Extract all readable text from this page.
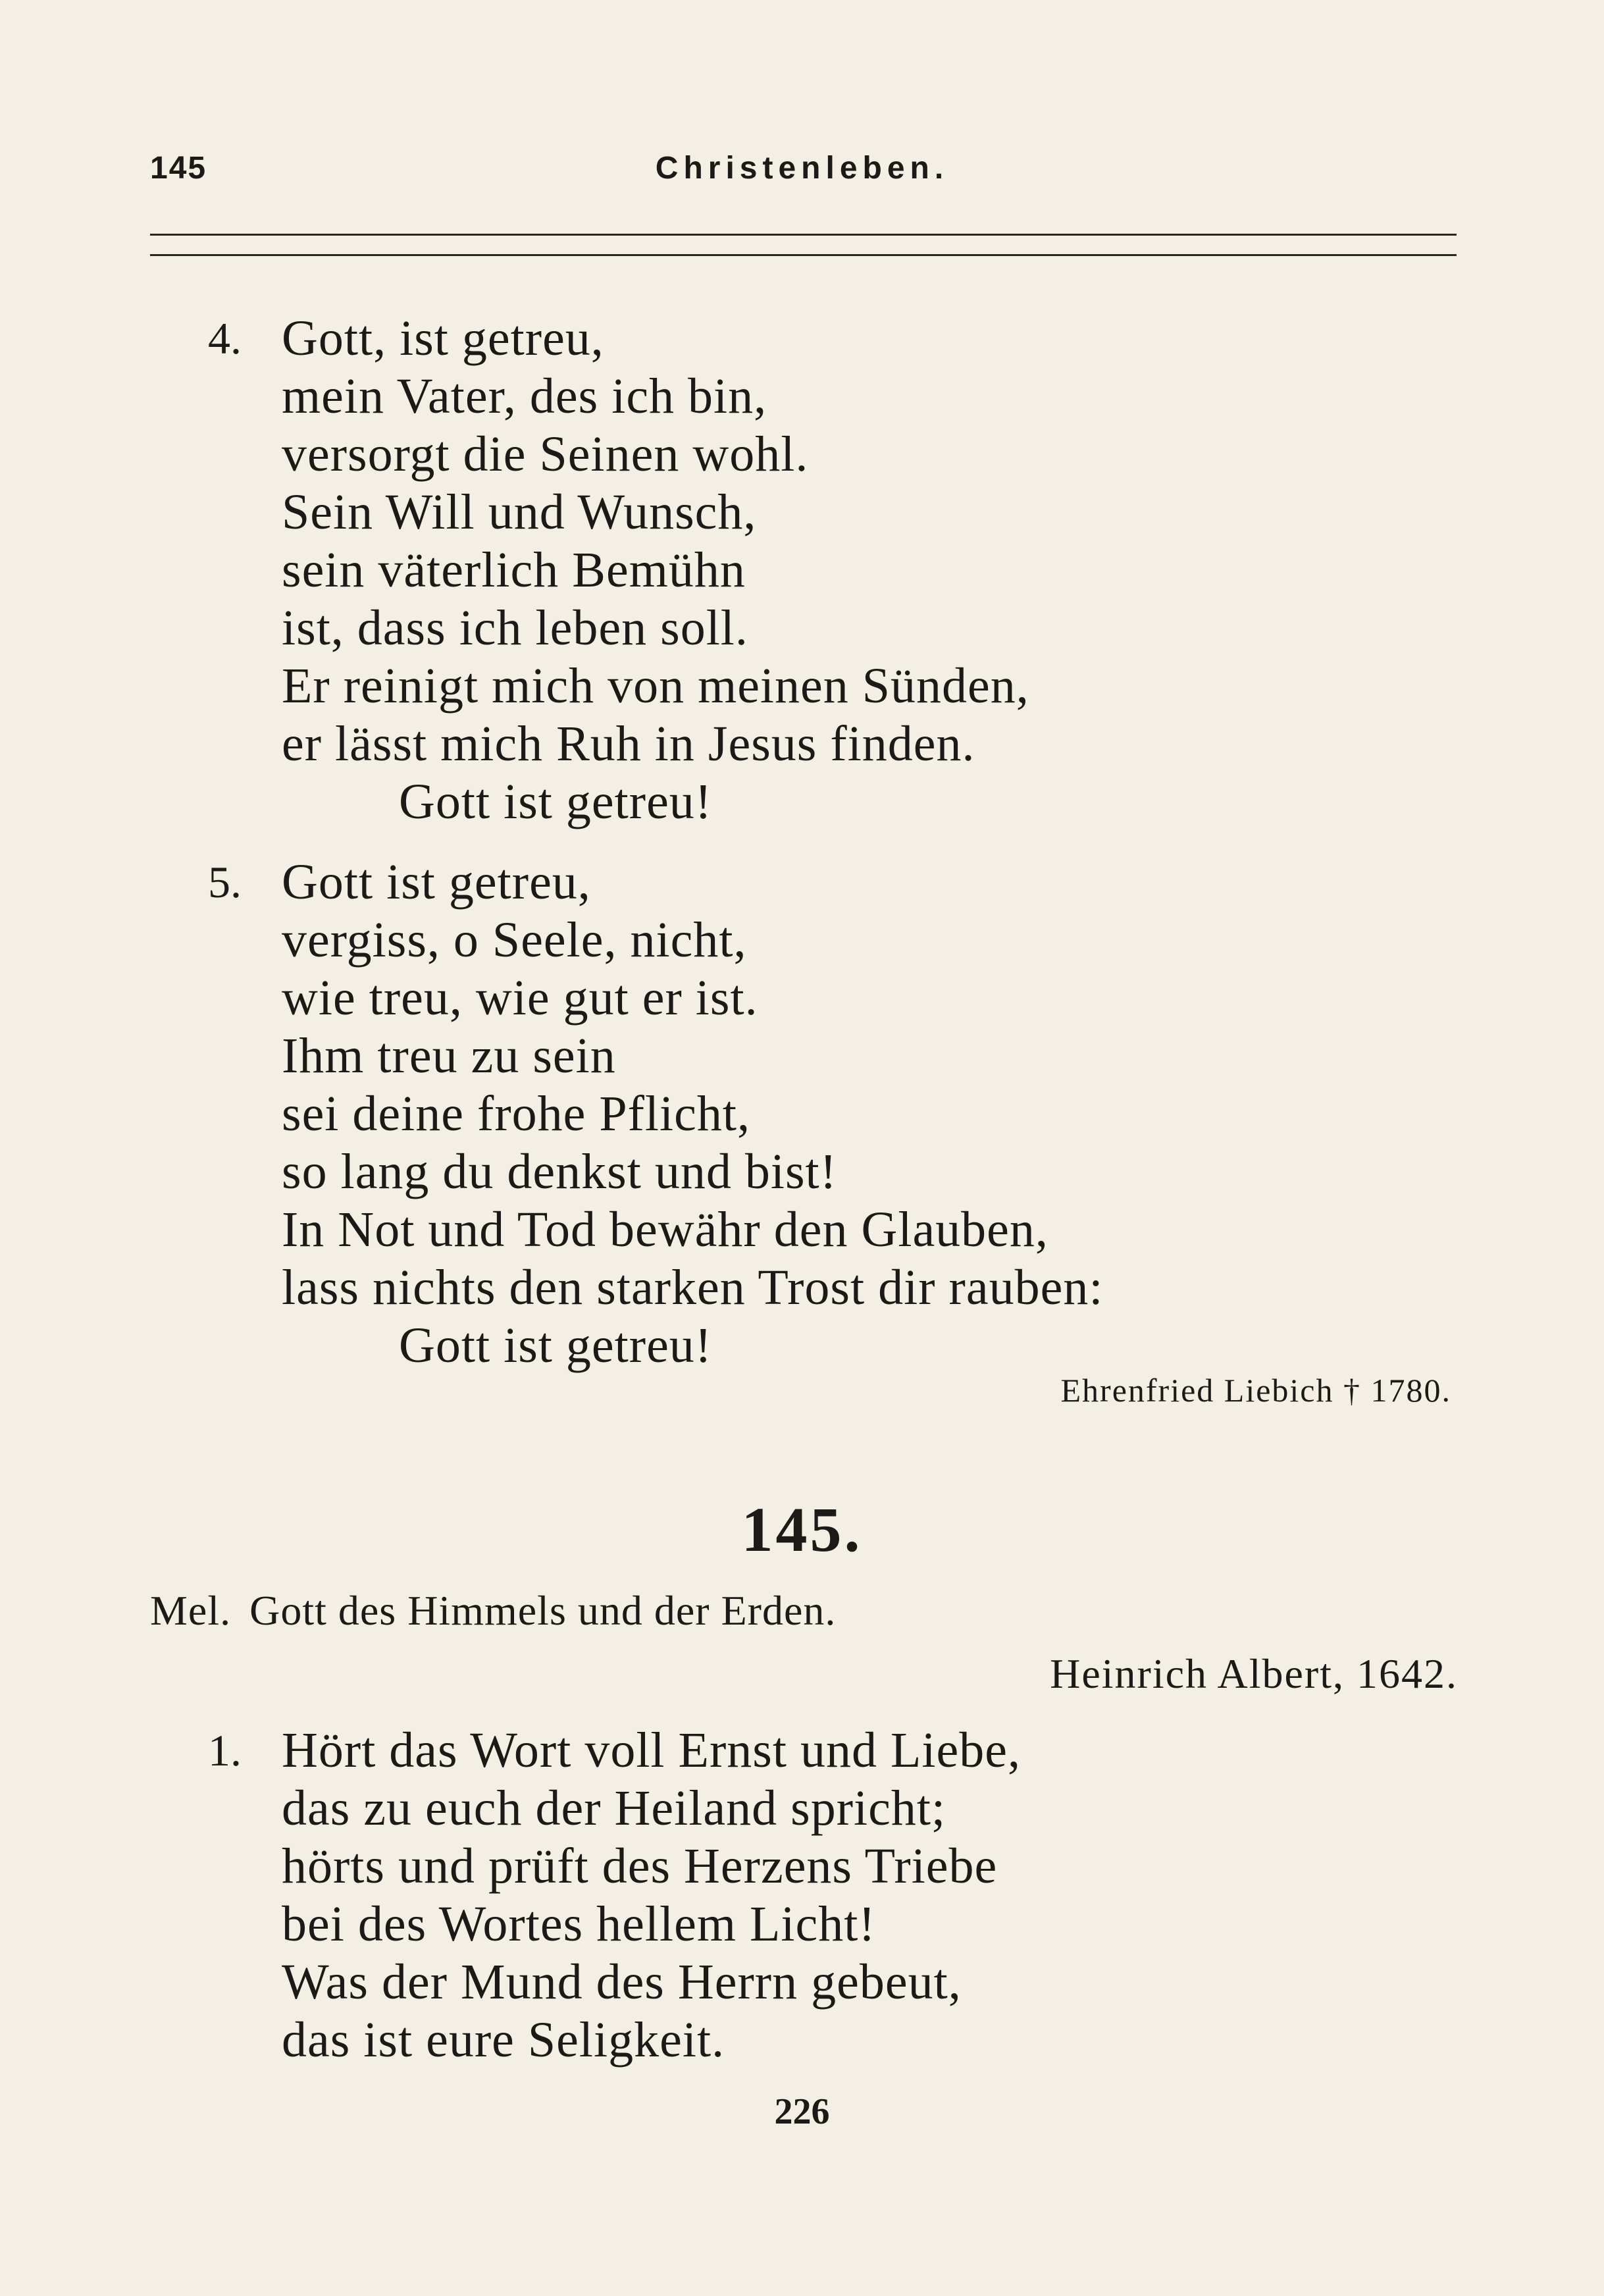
145	Christenleben.
4. Gott, ist getreu,
mein Vater, des ich bin,
versorgt die Seinen wohl.
Sein Will und Wunsch,
sein väterlich Bemühn
ist, dass ich leben soll.
Er reinigt mich von meinen Sünden,
er lässt mich Ruh in Jesus finden.
Gott ist getreu!
5. Gott ist getreu,
vergiss, o Seele, nicht,
wie treu, wie gut er ist.
Ihm treu zu sein
sei deine frohe Pflicht,
so lang du denkst und bist!
In Not und Tod bewähr den Glauben,
lass nichts den starken Trost dir rauben:
Gott ist getreu!
Ehrenfried Liebich † 1780.
145.
Mel. Gott des Himmels und der Erden.
Heinrich Albert, 1642.
1. Hört das Wort voll Ernst und Liebe,
das zu euch der Heiland spricht;
hörts und prüft des Herzens Triebe
bei des Wortes hellem Licht!
Was der Mund des Herrn gebeut,
das ist eure Seligkeit.
226
